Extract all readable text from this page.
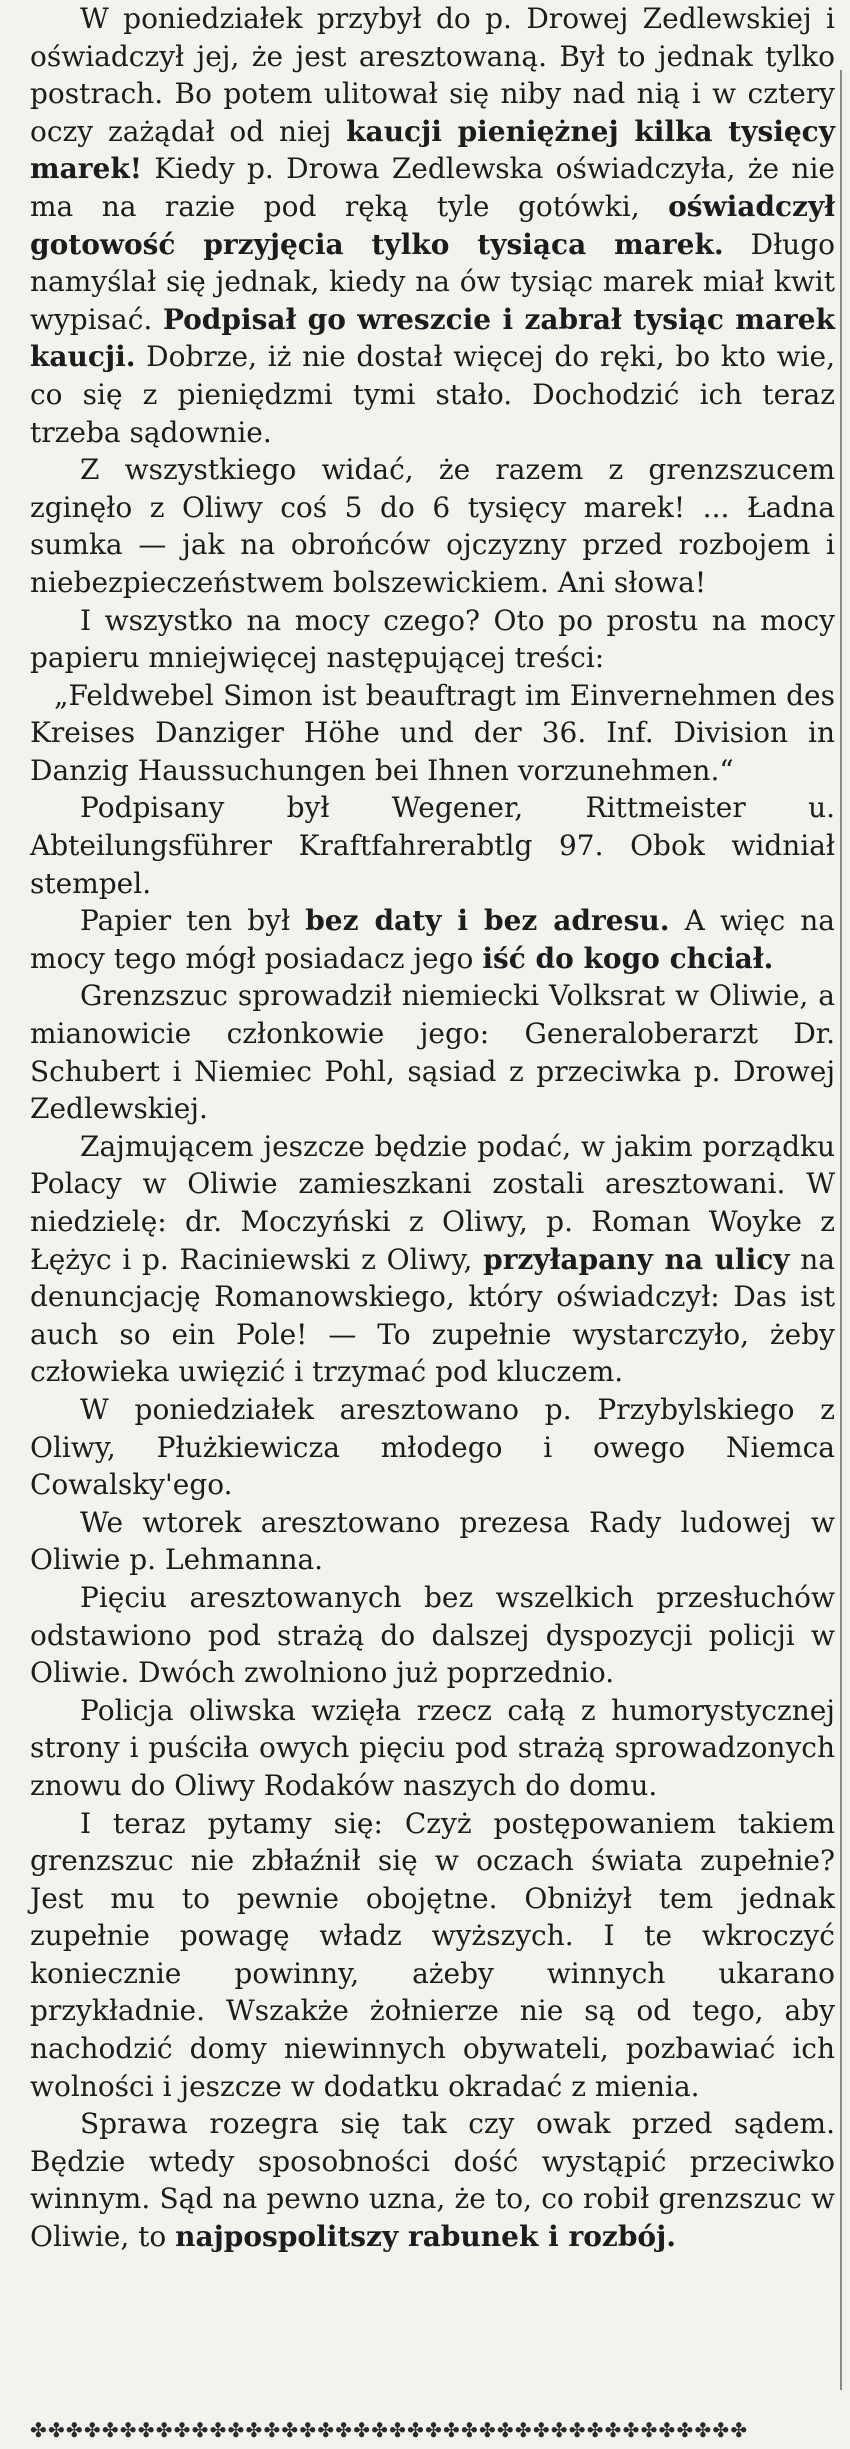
W poniedziałek przybył do p. Drowej Zedlewskiej i oświadczył jej, że jest aresztowaną. Był to jednak tylko postrach. Bo potem ulitował się niby nad nią i w cztery oczy zażądał od niej kaucji pieniężnej kilka tysięcy marek! Kiedy p. Drowa Zedlewska oświadczyła, że nie ma na razie pod ręką tyle gotówki, oświadczył gotowość przyjęcia tylko tysiąca marek. Długo namyślał się jednak, kiedy na ów tysiąc marek miał kwit wypisać. Podpisał go wreszcie i zabrał tysiąc marek kaucji. Dobrze, iż nie dostał więcej do ręki, bo kto wie, co się z pieniędzmi tymi stało. Dochodzić ich teraz trzeba sądownie.

Z wszystkiego widać, że razem z grenzszucem zginęło z Oliwy coś 5 do 6 tysięcy marek! ... Ładna sumka — jak na obrońców ojczyzny przed rozbojem i niebezpieczeństwem bolszewickiem. Ani słowa!

I wszystko na mocy czego? Oto po prostu na mocy papieru mniejwięcej następującej treści:

„Feldwebel Simon ist beauftragt im Einvernehmen des Kreises Danziger Höhe und der 36. Inf. Division in Danzig Haussuchungen bei Ihnen vorzunehmen.“

Podpisany był Wegener, Rittmeister u. Abteilungsführer Kraftfahrerabtlg 97. Obok widniał stempel.

Papier ten był bez daty i bez adresu. A więc na mocy tego mógł posiadacz jego iść do kogo chciał.

Grenzszuc sprowadził niemiecki Volksrat w Oliwie, a mianowicie członkowie jego: Generaloberarzt Dr. Schubert i Niemiec Pohl, sąsiad z przeciwka p. Drowej Zedlewskiej.

Zajmującem jeszcze będzie podać, w jakim porządku Polacy w Oliwie zamieszkani zostali aresztowani. W niedzielę: dr. Moczyński z Oliwy, p. Roman Woyke z Łężyc i p. Raciniewski z Oliwy, przyłapany na ulicy na denuncjację Romanowskiego, który oświadczył: Das ist auch so ein Pole! — To zupełnie wystarczyło, żeby człowieka uwięzić i trzymać pod kluczem.

W poniedziałek aresztowano p. Przybylskiego z Oliwy, Płużkiewicza młodego i owego Niemca Cowalsky'ego.

We wtorek aresztowano prezesa Rady ludowej w Oliwie p. Lehmanna.

Pięciu aresztowanych bez wszelkich przesłuchów odstawiono pod strażą do dalszej dyspozycji policji w Oliwie. Dwóch zwolniono już poprzednio.

Policja oliwska wzięła rzecz całą z humorystycznej strony i puściła owych pięciu pod strażą sprowadzonych znowu do Oliwy Rodaków naszych do domu.

I teraz pytamy się: Czyż postępowaniem takiem grenzszuc nie zbłaźnił się w oczach świata zupełnie? Jest mu to pewnie obojętne. Obniżył tem jednak zupełnie powagę władz wyższych. I te wkroczyć koniecznie powinny, ażeby winnych ukarano przykładnie. Wszakże żołnierze nie są od tego, aby nachodzić domy niewinnych obywateli, pozbawiać ich wolności i jeszcze w dodatku okradać z mienia.

Sprawa rozegra się tak czy owak przed sądem. Będzie wtedy sposobności dość wystąpić przeciwko winnym. Sąd na pewno uzna, że to, co robił grenzszuc w Oliwie, to najpospolitszy rabunek i rozbój.

✤✤✤✤✤✤✤✤✤✤✤✤✤✤✤✤✤✤✤✤✤✤✤✤✤✤✤✤✤✤✤✤✤✤✤✤✤✤✤✤
